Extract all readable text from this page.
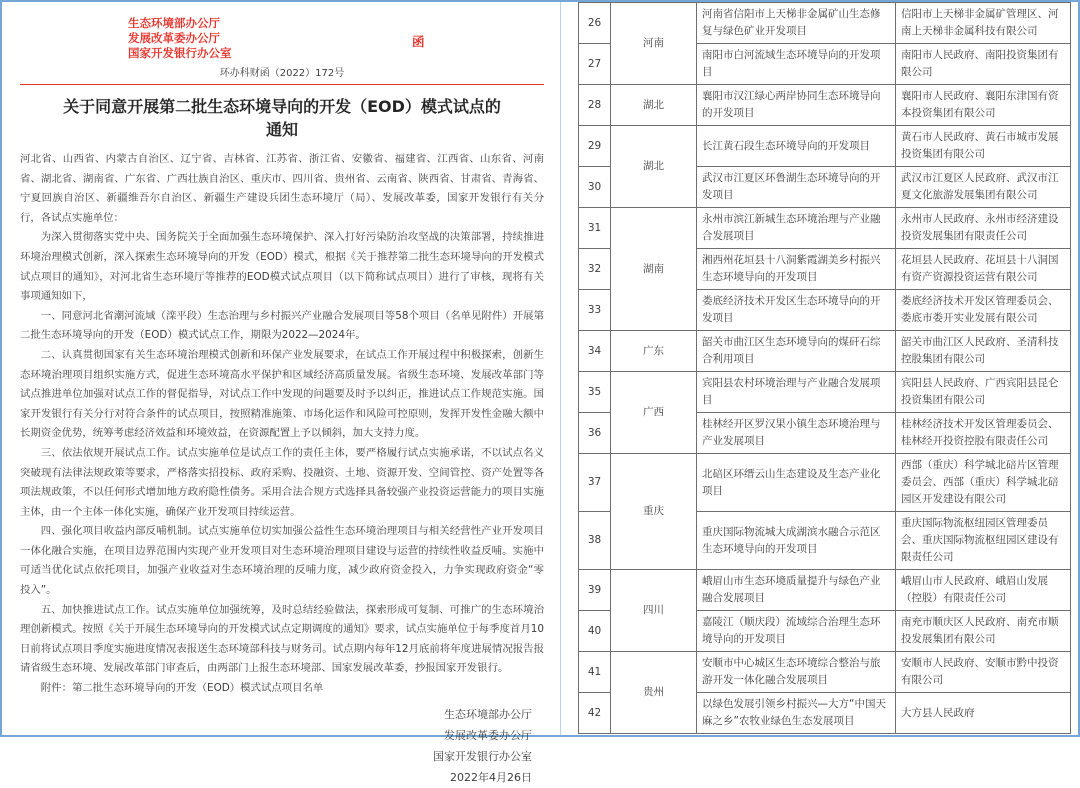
生态环境部办公厅
发展改革委办公厅
国家开发银行办公室
函
环办科财函（2022）172号
关于同意开展第二批生态环境导向的开发（EOD）模式试点的通知

河北省、山西省、内蒙古自治区、辽宁省、吉林省、江苏省、浙江省、安徽省、福建省、江西省、山东省、河南省、湖北省、湖南省、广东省、广西壮族自治区、重庆市、四川省、贵州省、云南省、陕西省、甘肃省、青海省、宁夏回族自治区、新疆维吾尔自治区、新疆生产建设兵团生态环境厅（局）、发展改革委，国家开发银行有关分行，各试点实施单位：

为深入贯彻落实党中央、国务院关于全面加强生态环境保护、深入打好污染防治攻坚战的决策部署，持续推进环境治理模式创新，深入探索生态环境导向的开发（EOD）模式，根据《关于推荐第二批生态环境导向的开发模式试点项目的通知》，对河北省生态环境厅等推荐的EOD模式试点项目（以下简称试点项目）进行了审核，现将有关事项通知如下，

一、同意河北省潮河流域（滦平段）生态治理与乡村振兴产业融合发展项目等58个项目（名单见附件）开展第二批生态环境导向的开发（EOD）模式试点工作，期限为2022—2024年。

二、认真贯彻国家有关生态环境治理模式创新和环保产业发展要求，在试点工作开展过程中积极探索，创新生态环境治理项目组织实施方式，促进生态环境高水平保护和区域经济高质量发展。省级生态环境、发展改革部门等试点推进单位加强对试点工作的督促指导，对试点工作中发现的问题要及时予以纠正，推进试点工作规范实施。国家开发银行有关分行对符合条件的试点项目，按照精准施策、市场化运作和风险可控原则，发挥开发性金融大额中长期资金优势，统筹考虑经济效益和环境效益，在资源配置上予以倾斜，加大支持力度。

三、依法依规开展试点工作。试点实施单位是试点工作的责任主体，要严格履行试点实施承诺，不以试点名义突破现有法律法规政策等要求，严格落实招投标、政府采购、投融资、土地、资源开发、空间管控、资产处置等各项法规政策，不以任何形式增加地方政府隐性债务。采用合法合规方式选择具备较强产业投资运营能力的项目实施主体，由一个主体一体化实施，确保产业开发项目持续运营。

四、强化项目收益内部反哺机制。试点实施单位切实加强公益性生态环境治理项目与相关经营性产业开发项目一体化融合实施，在项目边界范围内实现产业开发项目对生态环境治理项目建设与运营的持续性收益反哺。实施中可适当优化试点依托项目，加强产业收益对生态环境治理的反哺力度，减少政府资金投入，力争实现政府资金“零投入”。

五、加快推进试点工作。试点实施单位加强统筹，及时总结经验做法，探索形成可复制、可推广的生态环境治理创新模式。按照《关于开展生态环境导向的开发模式试点定期调度的通知》要求，试点实施单位于每季度首月10日前将试点项目季度实施进度情况表报送生态环境部科技与财务司。试点期内每年12月底前将年度进展情况报告报请省级生态环境、发展改革部门审查后，由两部门上报生态环境部、国家发展改革委，抄报国家开发银行。

附件：第二批生态环境导向的开发（EOD）模式试点项目名单

生态环境部办公厅
发展改革委办公厅
国家开发银行办公室
2022年4月26日
26	河南	河南省信阳市上天梯非金属矿山生态修复与绿色矿业开发项目	信阳市上天梯非金属矿管理区、河南上天梯非金属科技有限公司
27		南阳市白河流域生态环境导向的开发项目	南阳市人民政府、南阳投资集团有限公司
28	湖北	襄阳市汉江绿心两岸协同生态环境导向的开发项目	襄阳市人民政府、襄阳东津国有资本投资集团有限公司
29	湖北	长江黄石段生态环境导向的开发项目	黄石市人民政府、黄石市城市发展投资集团有限公司
30		武汉市江夏区环鲁湖生态环境导向的开发项目	武汉市江夏区人民政府、武汉市江夏文化旅游发展集团有限公司
31	湖南	永州市滨江新城生态环境治理与产业融合发展项目	永州市人民政府、永州市经济建设投资发展集团有限责任公司
32		湘西州花垣县十八洞紫霞湖美乡村振兴生态环境导向的开发项目	花垣县人民政府、花垣县十八洞国有资产资源投资运营有限公司
33		娄底经济技术开发区生态环境导向的开发项目	娄底经济技术开发区管理委员会、娄底市娄开实业发展有限公司
34	广东	韶关市曲江区生态环境导向的煤矸石综合利用项目	韶关市曲江区人民政府、圣清科技控股集团有限公司
35	广西	宾阳县农村环境治理与产业融合发展项目	宾阳县人民政府、广西宾阳县昆仑投资集团有限公司
36		桂林经开区罗汉果小镇生态环境治理与产业发展项目	桂林经济技术开发区管理委员会、桂林经开投资控股有限责任公司
37	重庆	北碚区环缙云山生态建设及生态产业化项目	西部（重庆）科学城北碚片区管理委员会、西部（重庆）科学城北碚园区开发建设有限公司
38		重庆国际物流城大成湖滨水融合示范区生态环境导向的开发项目	重庆国际物流枢纽园区管理委员会、重庆国际物流枢纽园区建设有限责任公司
39	四川	峨眉山市生态环境质量提升与绿色产业融合发展项目	峨眉山市人民政府、峨眉山发展（控股）有限责任公司
40		嘉陵江（顺庆段）流域综合治理生态环境导向的开发项目	南充市顺庆区人民政府、南充市顺投发展集团有限公司
41	贵州	安顺市中心城区生态环境综合整治与旅游开发一体化融合发展项目	安顺市人民政府、安顺市黔中投资有限公司
42		以绿色发展引领乡村振兴—大方“中国天麻之乡”农牧业绿色生态发展项目	大方县人民政府
